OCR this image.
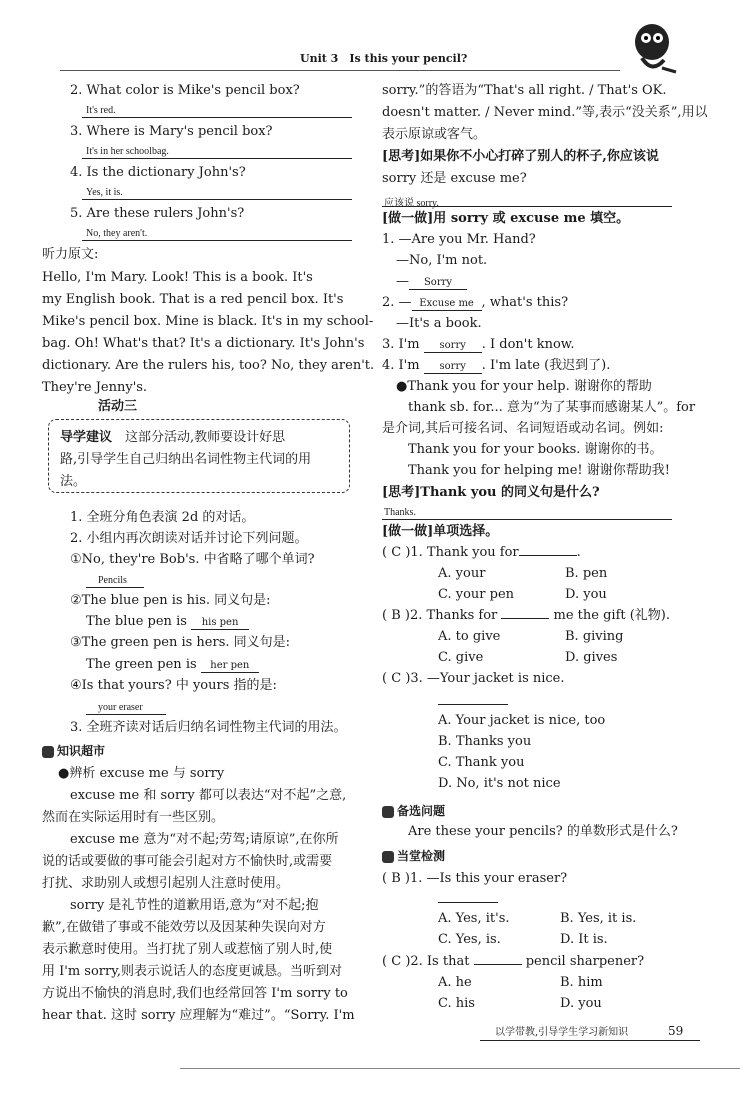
Unit 3　Is this your pencil?
2. What color is Mike's pencil box?
It's red.
3. Where is Mary's pencil box?
It's in her schoolbag.
4. Is the dictionary John's?
Yes, it is.
5. Are these rulers John's?
No, they aren't.
听力原文:
Hello, I'm Mary. Look! This is a book. It's
my English book. That is a red pencil box. It's
Mike's pencil box. Mine is black. It's in my school-
bag. Oh! What's that? It's a dictionary. It's John's
dictionary. Are the rulers his, too? No, they aren't.
They're Jenny's.
活动三
导学建议　 这部分活动,教师要设计好思
路,引导学生自己归纳出名词性物主代词的用
法。
1. 全班分角色表演 2d 的对话。
2. 小组内再次朗读对话并讨论下列问题。
①No, they're Bob's. 中省略了哪个单词?
Pencils
②The blue pen is his. 同义句是:
The blue pen is his pen
③The green pen is hers. 同义句是:
The green pen is her pen
④Is that yours? 中 yours 指的是:
your eraser
3. 全班齐读对话后归纳名词性物主代词的用法。
知识超市
●辨析 excuse me 与 sorry
excuse me 和 sorry 都可以表达“对不起”之意,
然而在实际运用时有一些区别。
excuse me 意为“对不起;劳驾;请原谅”,在你所
说的话或要做的事可能会引起对方不愉快时,或需要
打扰、求助别人或想引起别人注意时使用。
sorry 是礼节性的道歉用语,意为“对不起;抱
歉”,在做错了事或不能效劳以及因某种失误向对方
表示歉意时使用。当打扰了别人或惹恼了别人时,使
用 I'm sorry,则表示说话人的态度更诚恳。当听到对
方说出不愉快的消息时,我们也经常回答 I'm sorry to
hear that. 这时 sorry 应理解为“难过”。“Sorry. I'm
sorry.”的答语为“That's all right. / That's OK.
doesn't matter. / Never mind.”等,表示“没关系”,用以
表示原谅或客气。
[思考]如果你不小心打碎了别人的杯子,你应该说
sorry 还是 excuse me?
应该说 sorry.
[做一做]用 sorry 或 excuse me 填空。
1. —Are you Mr. Hand?
—No, I'm not.
— Sorry
2. — Excuse me , what's this?
—It's a book.
3. I'm sorry . I don't know.
4. I'm sorry . I'm late (我迟到了).
●Thank you for your help. 谢谢你的帮助
thank sb. for... 意为“为了某事而感谢某人”。for
是介词,其后可接名词、名词短语或动名词。例如:
Thank you for your books. 谢谢你的书。
Thank you for helping me! 谢谢你帮助我!
[思考]Thank you 的同义句是什么?
Thanks.
[做一做]单项选择。
( C )1. Thank you for	.
A. your	B. pen
C. your pen	D. you
( B )2. Thanks for	me the gift (礼物).
A. to give	B. giving
C. give	D. gives
( C )3. —Your jacket is nice.
A. Your jacket is nice, too
B. Thanks you
C. Thank you
D. No, it's not nice
备选问题
Are these your pencils? 的单数形式是什么?
当堂检测
( B )1. —Is this your eraser?
A. Yes, it's.	B. Yes, it is.
C. Yes, is.	D. It is.
( C )2. Is that	pencil sharpener?
A. he	B. him
C. his	D. you
以学带教,引导学生学习新知识	59
